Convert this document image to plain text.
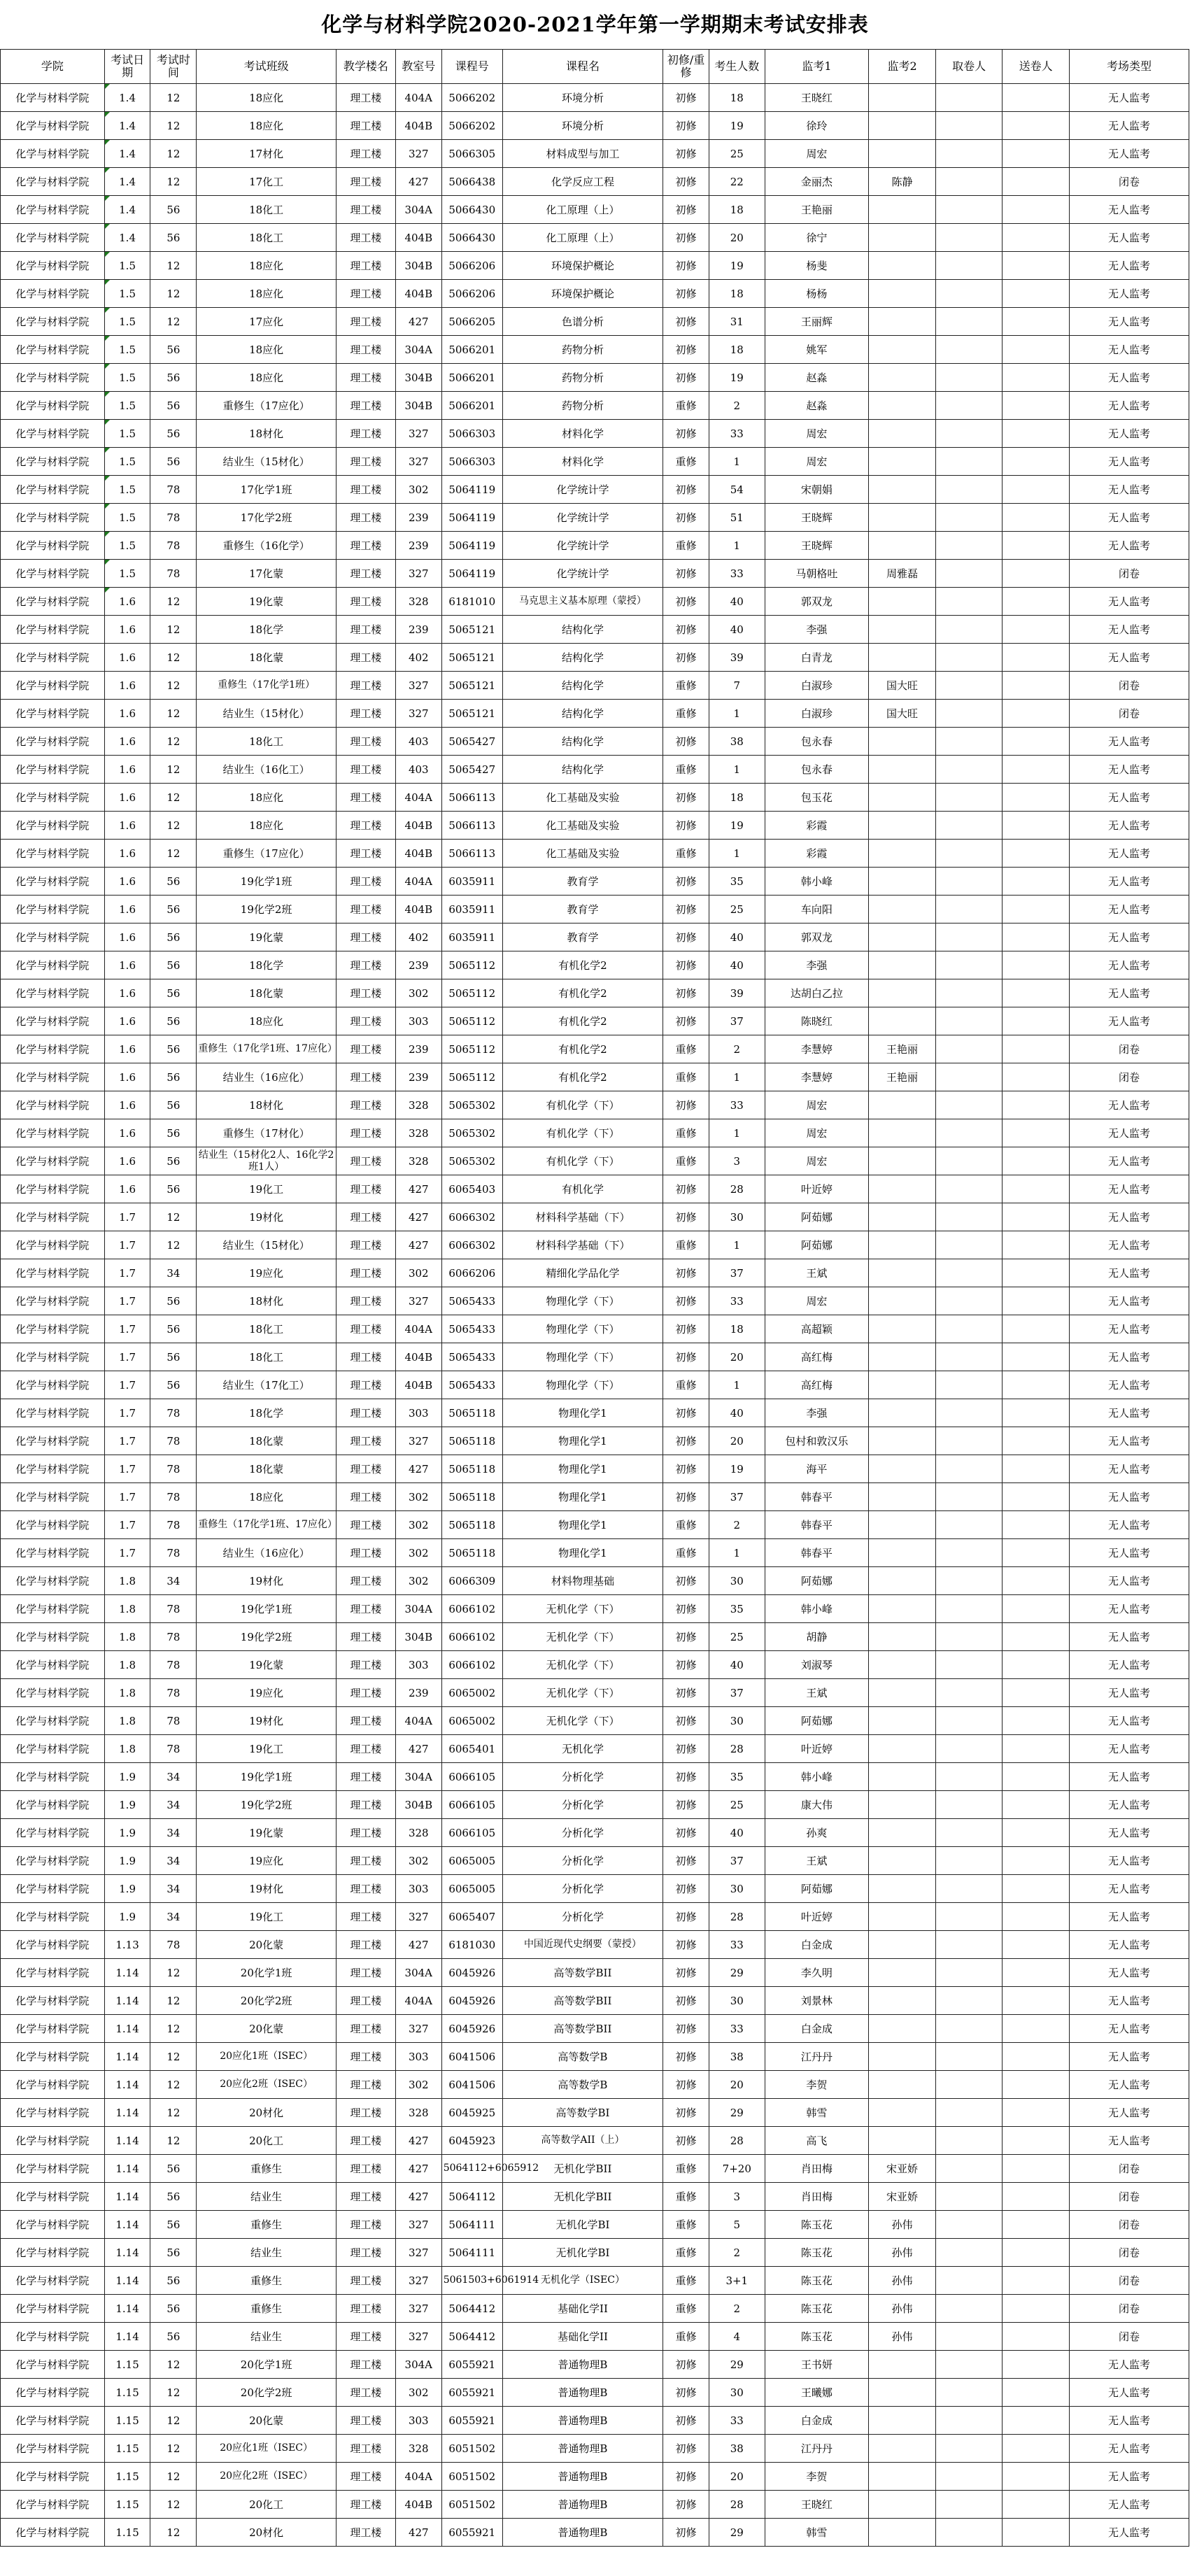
化学与材料学院2020-2021学年第一学期期末考试安排表
学院	考试日期	考试时间	考试班级	教学楼名	教室号	课程号	课程名	初修/重修	考生人数	监考1	监考2	取卷人	送卷人	考场类型
化学与材料学院	1.4	12	18应化	理工楼	404A	5066202	环境分析	初修	18	王晓红				无人监考
化学与材料学院	1.4	12	18应化	理工楼	404B	5066202	环境分析	初修	19	徐玲				无人监考
化学与材料学院	1.4	12	17材化	理工楼	327	5066305	材料成型与加工	初修	25	周宏				无人监考
化学与材料学院	1.4	12	17化工	理工楼	427	5066438	化学反应工程	初修	22	金丽杰	陈静			闭卷
化学与材料学院	1.4	56	18化工	理工楼	304A	5066430	化工原理（上）	初修	18	王艳丽				无人监考
化学与材料学院	1.4	56	18化工	理工楼	404B	5066430	化工原理（上）	初修	20	徐宁				无人监考
化学与材料学院	1.5	12	18应化	理工楼	304B	5066206	环境保护概论	初修	19	杨斐				无人监考
化学与材料学院	1.5	12	18应化	理工楼	404B	5066206	环境保护概论	初修	18	杨杨				无人监考
化学与材料学院	1.5	12	17应化	理工楼	427	5066205	色谱分析	初修	31	王丽辉				无人监考
化学与材料学院	1.5	56	18应化	理工楼	304A	5066201	药物分析	初修	18	姚军				无人监考
化学与材料学院	1.5	56	18应化	理工楼	304B	5066201	药物分析	初修	19	赵淼				无人监考
化学与材料学院	1.5	56	重修生（17应化）	理工楼	304B	5066201	药物分析	重修	2	赵淼				无人监考
化学与材料学院	1.5	56	18材化	理工楼	327	5066303	材料化学	初修	33	周宏				无人监考
化学与材料学院	1.5	56	结业生（15材化）	理工楼	327	5066303	材料化学	重修	1	周宏				无人监考
化学与材料学院	1.5	78	17化学1班	理工楼	302	5064119	化学统计学	初修	54	宋朝娟				无人监考
化学与材料学院	1.5	78	17化学2班	理工楼	239	5064119	化学统计学	初修	51	王晓辉				无人监考
化学与材料学院	1.5	78	重修生（16化学）	理工楼	239	5064119	化学统计学	重修	1	王晓辉				无人监考
化学与材料学院	1.5	78	17化蒙	理工楼	327	5064119	化学统计学	初修	33	马朝格吐	周雅磊			闭卷
化学与材料学院	1.6	12	19化蒙	理工楼	328	6181010	马克思主义基本原理（蒙授）	初修	40	郭双龙				无人监考
化学与材料学院	1.6	12	18化学	理工楼	239	5065121	结构化学	初修	40	李强				无人监考
化学与材料学院	1.6	12	18化蒙	理工楼	402	5065121	结构化学	初修	39	白青龙				无人监考
化学与材料学院	1.6	12	重修生（17化学1班）	理工楼	327	5065121	结构化学	重修	7	白淑珍	国大旺			闭卷
化学与材料学院	1.6	12	结业生（15材化）	理工楼	327	5065121	结构化学	重修	1	白淑珍	国大旺			闭卷
化学与材料学院	1.6	12	18化工	理工楼	403	5065427	结构化学	初修	38	包永春				无人监考
化学与材料学院	1.6	12	结业生（16化工）	理工楼	403	5065427	结构化学	重修	1	包永春				无人监考
化学与材料学院	1.6	12	18应化	理工楼	404A	5066113	化工基础及实验	初修	18	包玉花				无人监考
化学与材料学院	1.6	12	18应化	理工楼	404B	5066113	化工基础及实验	初修	19	彩霞				无人监考
化学与材料学院	1.6	12	重修生（17应化）	理工楼	404B	5066113	化工基础及实验	重修	1	彩霞				无人监考
化学与材料学院	1.6	56	19化学1班	理工楼	404A	6035911	教育学	初修	35	韩小峰				无人监考
化学与材料学院	1.6	56	19化学2班	理工楼	404B	6035911	教育学	初修	25	车向阳				无人监考
化学与材料学院	1.6	56	19化蒙	理工楼	402	6035911	教育学	初修	40	郭双龙				无人监考
化学与材料学院	1.6	56	18化学	理工楼	239	5065112	有机化学2	初修	40	李强				无人监考
化学与材料学院	1.6	56	18化蒙	理工楼	302	5065112	有机化学2	初修	39	达胡白乙拉				无人监考
化学与材料学院	1.6	56	18应化	理工楼	303	5065112	有机化学2	初修	37	陈晓红				无人监考
化学与材料学院	1.6	56	重修生（17化学1班、17应化）	理工楼	239	5065112	有机化学2	重修	2	李慧婷	王艳丽			闭卷
化学与材料学院	1.6	56	结业生（16应化）	理工楼	239	5065112	有机化学2	重修	1	李慧婷	王艳丽			闭卷
化学与材料学院	1.6	56	18材化	理工楼	328	5065302	有机化学（下）	初修	33	周宏				无人监考
化学与材料学院	1.6	56	重修生（17材化）	理工楼	328	5065302	有机化学（下）	重修	1	周宏				无人监考
化学与材料学院	1.6	56	结业生（15材化2人、16化学2班1人）	理工楼	328	5065302	有机化学（下）	重修	3	周宏				无人监考
化学与材料学院	1.6	56	19化工	理工楼	427	6065403	有机化学	初修	28	叶近婷				无人监考
化学与材料学院	1.7	12	19材化	理工楼	427	6066302	材料科学基础（下）	初修	30	阿茹娜				无人监考
化学与材料学院	1.7	12	结业生（15材化）	理工楼	427	6066302	材料科学基础（下）	重修	1	阿茹娜				无人监考
化学与材料学院	1.7	34	19应化	理工楼	302	6066206	精细化学品化学	初修	37	王斌				无人监考
化学与材料学院	1.7	56	18材化	理工楼	327	5065433	物理化学（下）	初修	33	周宏				无人监考
化学与材料学院	1.7	56	18化工	理工楼	404A	5065433	物理化学（下）	初修	18	高超颖				无人监考
化学与材料学院	1.7	56	18化工	理工楼	404B	5065433	物理化学（下）	初修	20	高红梅				无人监考
化学与材料学院	1.7	56	结业生（17化工）	理工楼	404B	5065433	物理化学（下）	重修	1	高红梅				无人监考
化学与材料学院	1.7	78	18化学	理工楼	303	5065118	物理化学1	初修	40	李强				无人监考
化学与材料学院	1.7	78	18化蒙	理工楼	327	5065118	物理化学1	初修	20	包村和敦汉乐				无人监考
化学与材料学院	1.7	78	18化蒙	理工楼	427	5065118	物理化学1	初修	19	海平				无人监考
化学与材料学院	1.7	78	18应化	理工楼	302	5065118	物理化学1	初修	37	韩春平				无人监考
化学与材料学院	1.7	78	重修生（17化学1班、17应化）	理工楼	302	5065118	物理化学1	重修	2	韩春平				无人监考
化学与材料学院	1.7	78	结业生（16应化）	理工楼	302	5065118	物理化学1	重修	1	韩春平				无人监考
化学与材料学院	1.8	34	19材化	理工楼	302	6066309	材料物理基础	初修	30	阿茹娜				无人监考
化学与材料学院	1.8	78	19化学1班	理工楼	304A	6066102	无机化学（下）	初修	35	韩小峰				无人监考
化学与材料学院	1.8	78	19化学2班	理工楼	304B	6066102	无机化学（下）	初修	25	胡静				无人监考
化学与材料学院	1.8	78	19化蒙	理工楼	303	6066102	无机化学（下）	初修	40	刘淑琴				无人监考
化学与材料学院	1.8	78	19应化	理工楼	239	6065002	无机化学（下）	初修	37	王斌				无人监考
化学与材料学院	1.8	78	19材化	理工楼	404A	6065002	无机化学（下）	初修	30	阿茹娜				无人监考
化学与材料学院	1.8	78	19化工	理工楼	427	6065401	无机化学	初修	28	叶近婷				无人监考
化学与材料学院	1.9	34	19化学1班	理工楼	304A	6066105	分析化学	初修	35	韩小峰				无人监考
化学与材料学院	1.9	34	19化学2班	理工楼	304B	6066105	分析化学	初修	25	康大伟				无人监考
化学与材料学院	1.9	34	19化蒙	理工楼	328	6066105	分析化学	初修	40	孙爽				无人监考
化学与材料学院	1.9	34	19应化	理工楼	302	6065005	分析化学	初修	37	王斌				无人监考
化学与材料学院	1.9	34	19材化	理工楼	303	6065005	分析化学	初修	30	阿茹娜				无人监考
化学与材料学院	1.9	34	19化工	理工楼	327	6065407	分析化学	初修	28	叶近婷				无人监考
化学与材料学院	1.13	78	20化蒙	理工楼	427	6181030	中国近现代史纲要（蒙授）	初修	33	白金成				无人监考
化学与材料学院	1.14	12	20化学1班	理工楼	304A	6045926	高等数学BII	初修	29	李久明				无人监考
化学与材料学院	1.14	12	20化学2班	理工楼	404A	6045926	高等数学BII	初修	30	刘景林				无人监考
化学与材料学院	1.14	12	20化蒙	理工楼	327	6045926	高等数学BII	初修	33	白金成				无人监考
化学与材料学院	1.14	12	20应化1班（ISEC）	理工楼	303	6041506	高等数学B	初修	38	江丹丹				无人监考
化学与材料学院	1.14	12	20应化2班（ISEC）	理工楼	302	6041506	高等数学B	初修	20	李贺				无人监考
化学与材料学院	1.14	12	20材化	理工楼	328	6045925	高等数学BI	初修	29	韩雪				无人监考
化学与材料学院	1.14	12	20化工	理工楼	427	6045923	高等数学AII（上）	初修	28	高飞				无人监考
化学与材料学院	1.14	56	重修生	理工楼	427	5064112+6065912	无机化学BII	重修	7+20	肖田梅	宋亚娇			闭卷
化学与材料学院	1.14	56	结业生	理工楼	427	5064112	无机化学BII	重修	3	肖田梅	宋亚娇			闭卷
化学与材料学院	1.14	56	重修生	理工楼	327	5064111	无机化学BI	重修	5	陈玉花	孙伟			闭卷
化学与材料学院	1.14	56	结业生	理工楼	327	5064111	无机化学BI	重修	2	陈玉花	孙伟			闭卷
化学与材料学院	1.14	56	重修生	理工楼	327	5061503+6061914	无机化学（ISEC）	重修	3+1	陈玉花	孙伟			闭卷
化学与材料学院	1.14	56	重修生	理工楼	327	5064412	基础化学II	重修	2	陈玉花	孙伟			闭卷
化学与材料学院	1.14	56	结业生	理工楼	327	5064412	基础化学II	重修	4	陈玉花	孙伟			闭卷
化学与材料学院	1.15	12	20化学1班	理工楼	304A	6055921	普通物理B	初修	29	王书妍				无人监考
化学与材料学院	1.15	12	20化学2班	理工楼	302	6055921	普通物理B	初修	30	王曦娜				无人监考
化学与材料学院	1.15	12	20化蒙	理工楼	303	6055921	普通物理B	初修	33	白金成				无人监考
化学与材料学院	1.15	12	20应化1班（ISEC）	理工楼	328	6051502	普通物理B	初修	38	江丹丹				无人监考
化学与材料学院	1.15	12	20应化2班（ISEC）	理工楼	404A	6051502	普通物理B	初修	20	李贺				无人监考
化学与材料学院	1.15	12	20化工	理工楼	404B	6051502	普通物理B	初修	28	王晓红				无人监考
化学与材料学院	1.15	12	20材化	理工楼	427	6055921	普通物理B	初修	29	韩雪				无人监考
